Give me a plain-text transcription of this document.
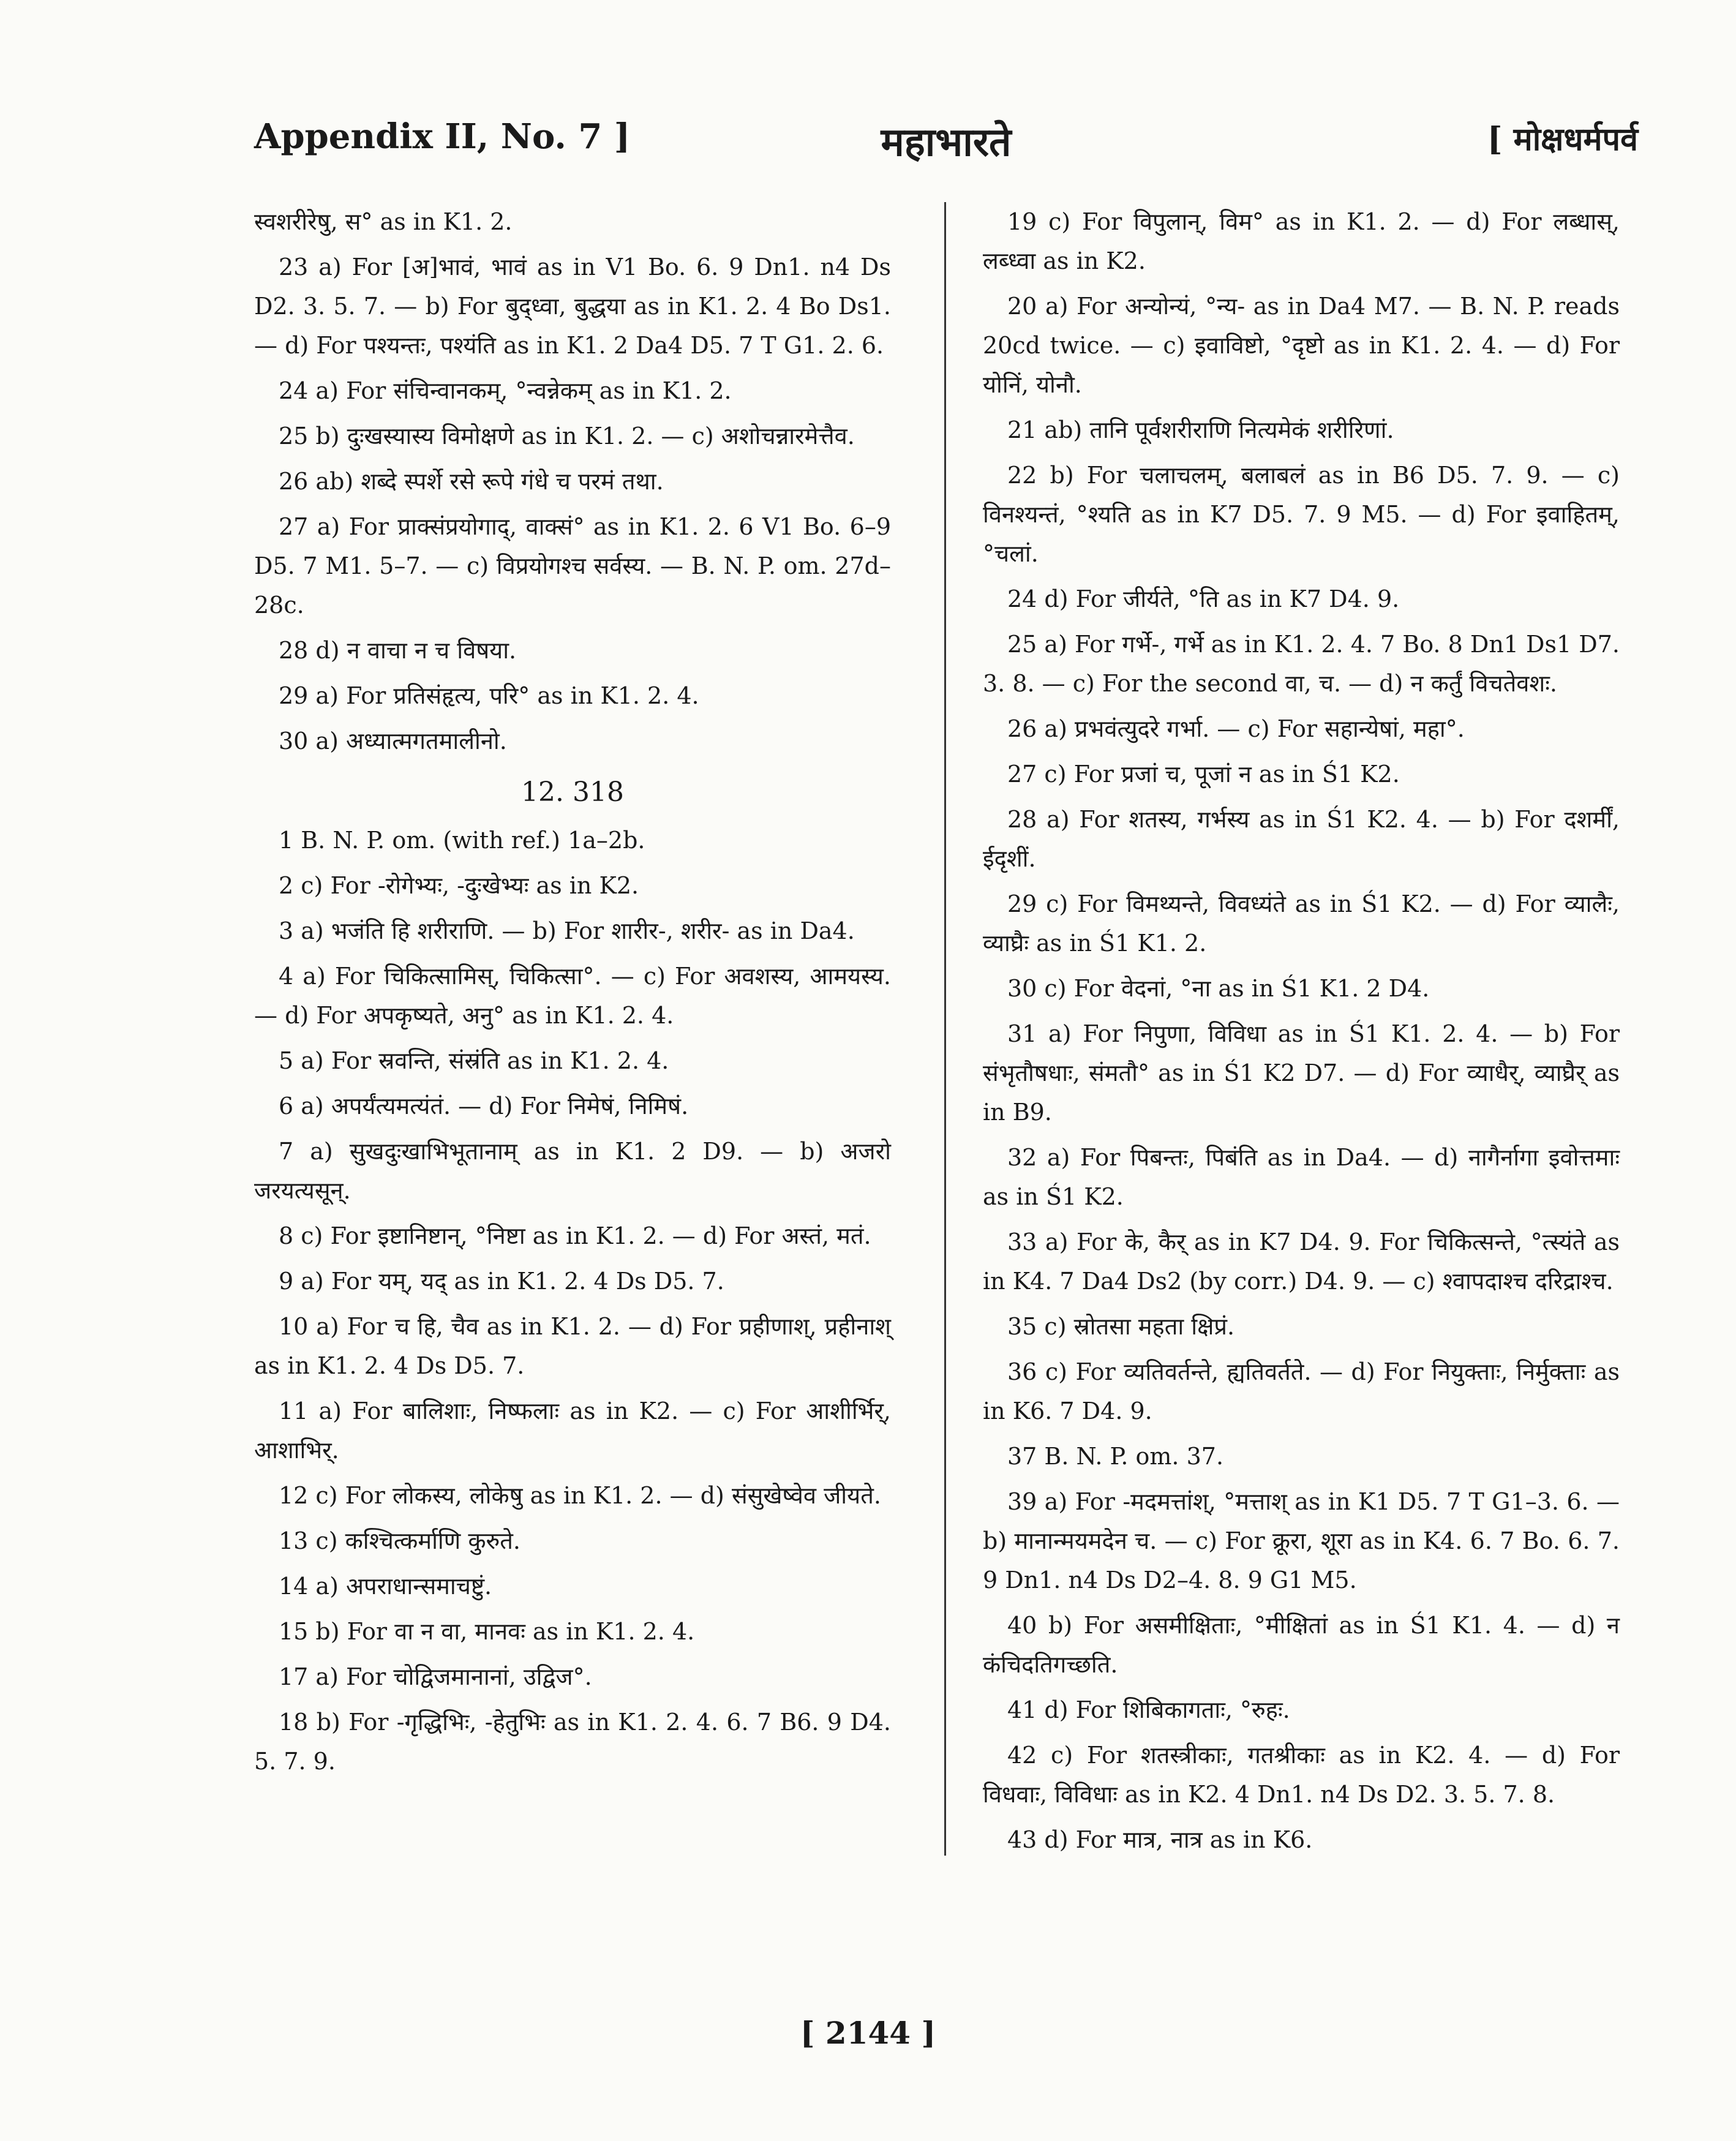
Appendix II, No. 7 ]	महाभारते	[ मोक्षधर्मपर्व

स्वशरीरेषु, स° as in K1. 2.

23 a) For [अ]भावं, भावं as in V1 Bo. 6. 9 Dn1. n4 Ds D2. 3. 5. 7. — b) For बुद्ध्वा, बुद्धया as in K1. 2. 4 Bo Ds1. — d) For पश्यन्तः, पश्यंति as in K1. 2 Da4 D5. 7 T G1. 2. 6.

24 a) For संचिन्वानकम्, °न्वन्नेकम् as in K1. 2.

25 b) दुःखस्यास्य विमोक्षणे as in K1. 2. — c) अशोचन्नारमेत्तैव.

26 ab) शब्दे स्पर्शे रसे रूपे गंधे च परमं तथा.

27 a) For प्राक्संप्रयोगाद्, वाक्सं° as in K1. 2. 6 V1 Bo. 6–9 D5. 7 M1. 5–7. — c) विप्रयोगश्च सर्वस्य. — B. N. P. om. 27d–28c.

28 d) न वाचा न च विषया.

29 a) For प्रतिसंहृत्य, परि° as in K1. 2. 4.

30 a) अध्यात्मगतमालीनो.

12. 318

1 B. N. P. om. (with ref.) 1a–2b.

2 c) For -रोगेभ्यः, -दुःखेभ्यः as in K2.

3 a) भजंति हि शरीराणि. — b) For शारीर-, शरीर- as in Da4.

4 a) For चिकित्सामिस्, चिकित्सा°. — c) For अवशस्य, आमयस्य. — d) For अपकृष्यते, अनु° as in K1. 2. 4.

5 a) For स्रवन्ति, संस्रंति as in K1. 2. 4.

6 a) अपर्यंत्यमत्यंतं. — d) For निमेषं, निमिषं.

7 a) सुखदुःखाभिभूतानाम् as in K1. 2 D9. — b) अजरो जरयत्यसून्.

8 c) For इष्टानिष्टान्, °निष्टा as in K1. 2. — d) For अस्तं, मतं.

9 a) For यम्, यद् as in K1. 2. 4 Ds D5. 7.

10 a) For च हि, चैव as in K1. 2. — d) For प्रहीणाश्, प्रहीनाश् as in K1. 2. 4 Ds D5. 7.

11 a) For बालिशाः, निष्फलाः as in K2. — c) For आशीर्भिर्, आशाभिर्.

12 c) For लोकस्य, लोकेषु as in K1. 2. — d) संसुखेष्वेव जीयते.

13 c) कश्चित्कर्माणि कुरुते.

14 a) अपराधान्समाचष्टुं.

15 b) For वा न वा, मानवः as in K1. 2. 4.

17 a) For चोद्विजमानानां, उद्विज°.

18 b) For -गृद्धिभिः, -हेतुभिः as in K1. 2. 4. 6. 7 B6. 9 D4. 5. 7. 9.

19 c) For विपुलान्, विम° as in K1. 2. — d) For लब्धास्, लब्ध्वा as in K2.

20 a) For अन्योन्यं, °न्य- as in Da4 M7. — B. N. P. reads 20cd twice. — c) इवाविष्टो, °दृष्टो as in K1. 2. 4. — d) For योनिं, योनौ.

21 ab) तानि पूर्वशरीराणि नित्यमेकं शरीरिणां.

22 b) For चलाचलम्, बलाबलं as in B6 D5. 7. 9. — c) विनश्यन्तं, °श्यति as in K7 D5. 7. 9 M5. — d) For इवाहितम्, °चलां.

24 d) For जीर्यते, °ति as in K7 D4. 9.

25 a) For गर्भे-, गर्भे as in K1. 2. 4. 7 Bo. 8 Dn1 Ds1 D7. 3. 8. — c) For the second वा, च. — d) न कर्तुं विचतेवशः.

26 a) प्रभवंत्युदरे गर्भा. — c) For सहान्येषां, महा°.

27 c) For प्रजां च, पूजां न as in Ś1 K2.

28 a) For शतस्य, गर्भस्य as in Ś1 K2. 4. — b) For दशर्मीं, ईदृशीं.

29 c) For विमथ्यन्ते, विवध्यंते as in Ś1 K2. — d) For व्यालैः, व्याघ्रैः as in Ś1 K1. 2.

30 c) For वेदनां, °ना as in Ś1 K1. 2 D4.

31 a) For निपुणा, विविधा as in Ś1 K1. 2. 4. — b) For संभृतौषधाः, संमतौ° as in Ś1 K2 D7. — d) For व्याधैर्, व्याघ्रैर् as in B9.

32 a) For पिबन्तः, पिबंति as in Da4. — d) नागैर्नागा इवोत्तमाः as in Ś1 K2.

33 a) For के, कैर् as in K7 D4. 9. For चिकित्सन्ते, °त्स्यंते as in K4. 7 Da4 Ds2 (by corr.) D4. 9. — c) श्वापदाश्च दरिद्राश्च.

35 c) स्रोतसा महता क्षिप्रं.

36 c) For व्यतिवर्तन्ते, ह्यतिवर्तते. — d) For नियुक्ताः, निर्मुक्ताः as in K6. 7 D4. 9.

37 B. N. P. om. 37.

39 a) For -मदमत्तांश्, °मत्ताश् as in K1 D5. 7 T G1–3. 6. — b) मानान्मयमदेन च. — c) For क्रूरा, शूरा as in K4. 6. 7 Bo. 6. 7. 9 Dn1. n4 Ds D2–4. 8. 9 G1 M5.

40 b) For असमीक्षिताः, °मीक्षितां as in Ś1 K1. 4. — d) न कंचिदतिगच्छति.

41 d) For शिबिकागताः, °रुहः.

42 c) For शतस्त्रीकाः, गतश्रीकाः as in K2. 4. — d) For विधवाः, विविधाः as in K2. 4 Dn1. n4 Ds D2. 3. 5. 7. 8.

43 d) For मात्र, नात्र as in K6.

[ 2144 ]
